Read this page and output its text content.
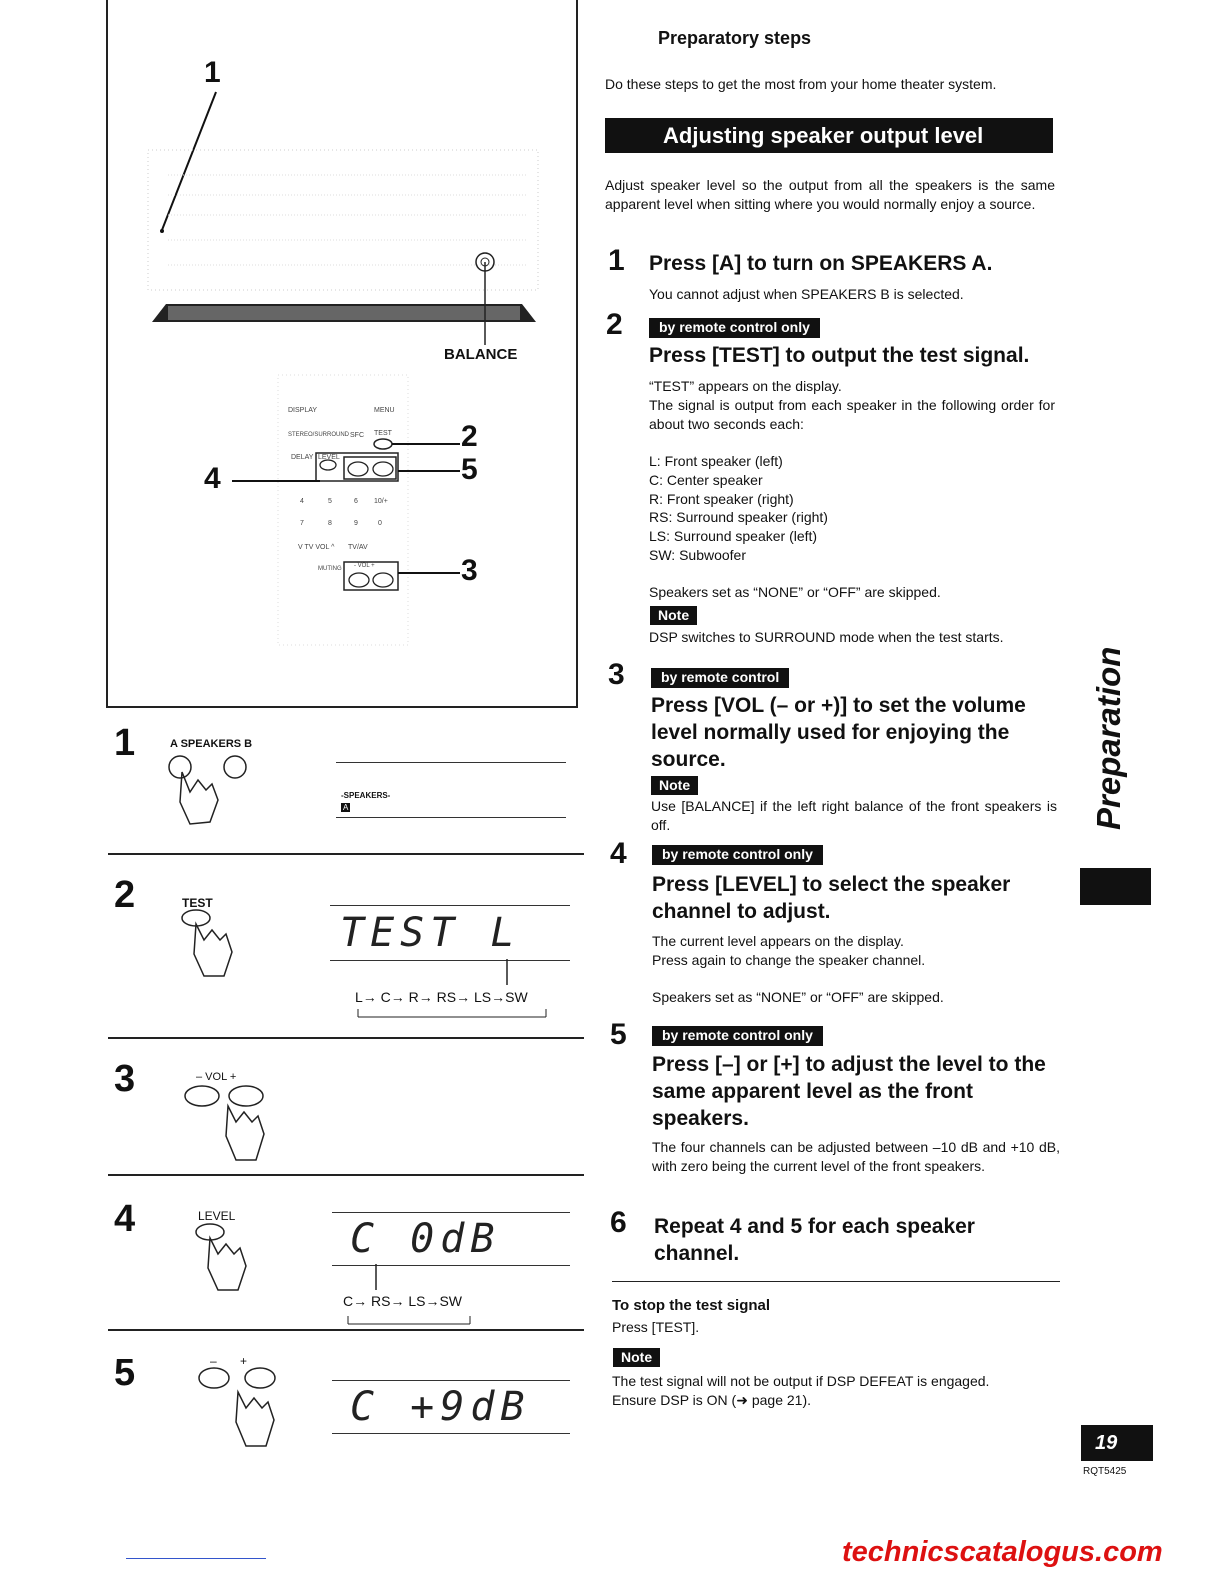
1
2
5
4
3
BALANCE
DISPLAY	MENU
STEREO/SURROUND SFC TEST
DELAY LEVEL
4	5	6 10/+
7	8	9	0
V TV VOL ^ TV/AV
MUTING - VOL +
1	A SPEAKERS B
-SPEAKERS-
A
2	TEST
TEST L
L→ C→ R→ RS→ LS→SW
3	– VOL +
4	LEVEL	C 0dB
C→ RS→ LS→SW
5	– +
C +9dB
Preparatory steps
Do these steps to get the most from your home theater system.
Adjusting speaker output level
Adjust speaker level so the output from all the speakers is the same apparent level when sitting where you would normally enjoy a source.
1 Press [A] to turn on SPEAKERS A.
You cannot adjust when SPEAKERS B is selected.
2	by remote control only
Press [TEST] to output the test signal.
“TEST” appears on the display.
The signal is output from each speaker in the following order for about two seconds each:
L: Front speaker (left)
C: Center speaker
R: Front speaker (right)
RS: Surround speaker (right)
LS: Surround speaker (left)
SW: Subwoofer
Speakers set as “NONE” or “OFF” are skipped.
Note
DSP switches to SURROUND mode when the test starts.
3	by remote control
Press [VOL (– or +)] to set the volume level normally used for enjoying the source.
Note
Use [BALANCE] if the left right balance of the front speakers is off.
4	by remote control only
Press [LEVEL] to select the speaker channel to adjust.
The current level appears on the display.
Press again to change the speaker channel.
Speakers set as “NONE” or “OFF” are skipped.
5	by remote control only
Press [–] or [+] to adjust the level to the same apparent level as the front speakers.
The four channels can be adjusted between –10 dB and +10 dB, with zero being the current level of the front speakers.
6 Repeat 4 and 5 for each speaker channel.
To stop the test signal
Press [TEST].
Note
The test signal will not be output if DSP DEFEAT is engaged.
Ensure DSP is ON (➜ page 21).
Preparation
19
RQT5425
technicscatalogus.com
